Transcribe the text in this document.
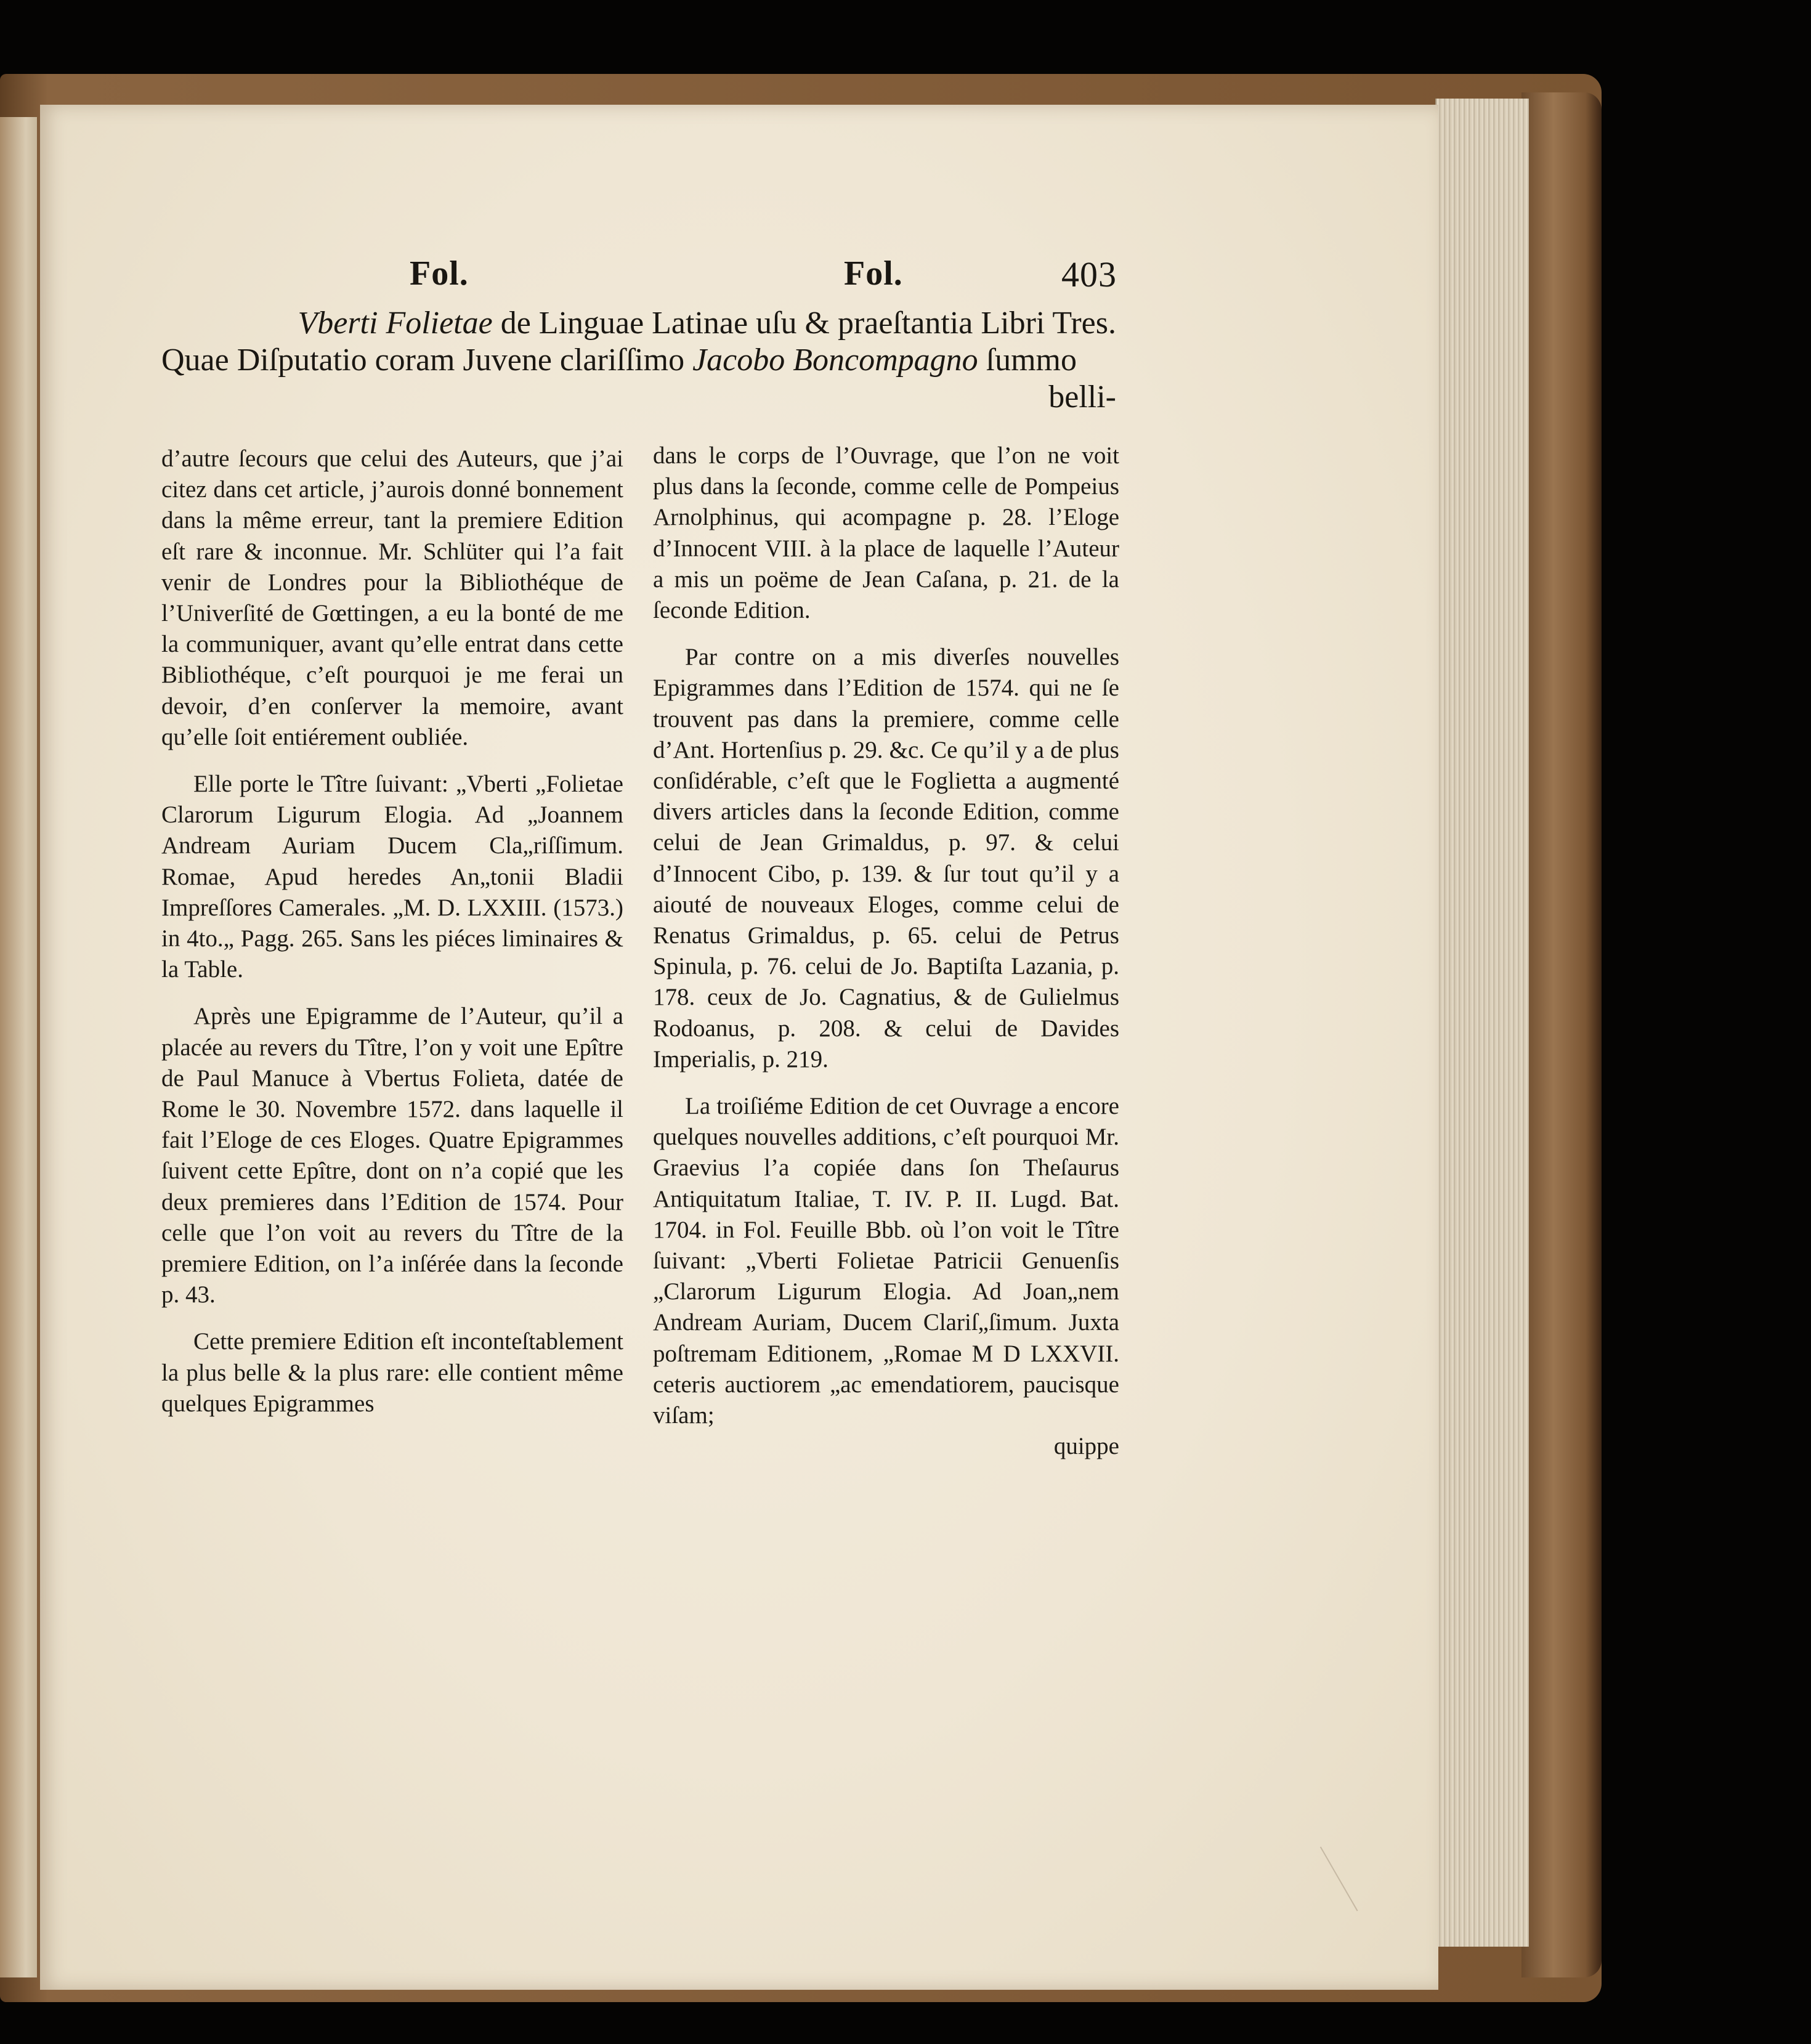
Fol.	Fol.	403
Vberti Folietae de Linguae Latinae uſu & praeſtantia Libri Tres.
Quae Diſputatio coram Juvene clariſſimo Jacobo Boncompagno ſummo
belli-

d’autre ſecours que celui des Auteurs, que j’ai citez dans cet article, j’aurois donné bonnement dans la même erreur, tant la premiere Edition eſt rare & inconnue. Mr. Schlüter qui l’a fait venir de Londres pour la Bibliothéque de l’Univerſité de Gœttingen, a eu la bonté de me la communiquer, avant qu’elle entrat dans cette Bibliothéque, c’eſt pourquoi je me ferai un devoir, d’en conſerver la memoire, avant qu’elle ſoit entiérement oubliée.

Elle porte le Tître ſuivant: „Vberti „Folietae Clarorum Ligurum Elogia. Ad „Joannem Andream Auriam Ducem Cla„riſſimum. Romae, Apud heredes An„tonii Bladii Impreſſores Camerales. „M. D. LXXIII. (1573.) in 4to.„ Pagg. 265. Sans les piéces liminaires & la Table.

Après une Epigramme de l’Auteur, qu’il a placée au revers du Tître, l’on y voit une Epître de Paul Manuce à Vbertus Folieta, datée de Rome le 30. Novembre 1572. dans laquelle il fait l’Eloge de ces Eloges. Quatre Epigrammes ſuivent cette Epître, dont on n’a copié que les deux premieres dans l’Edition de 1574. Pour celle que l’on voit au revers du Tître de la premiere Edition, on l’a inſérée dans la ſeconde p. 43.

Cette premiere Edition eſt inconteſtablement la plus belle & la plus rare: elle contient même quelques Epigrammes

dans le corps de l’Ouvrage, que l’on ne voit plus dans la ſeconde, comme celle de Pompeius Arnolphinus, qui acompagne p. 28. l’Eloge d’Innocent VIII. à la place de laquelle l’Auteur a mis un poëme de Jean Caſana, p. 21. de la ſeconde Edition.

Par contre on a mis diverſes nouvelles Epigrammes dans l’Edition de 1574. qui ne ſe trouvent pas dans la premiere, comme celle d’Ant. Hortenſius p. 29. &c. Ce qu’il y a de plus conſidérable, c’eſt que le Foglietta a augmenté divers articles dans la ſeconde Edition, comme celui de Jean Grimaldus, p. 97. & celui d’Innocent Cibo, p. 139. & ſur tout qu’il y a aiouté de nouveaux Eloges, comme celui de Renatus Grimaldus, p. 65. celui de Petrus Spinula, p. 76. celui de Jo. Baptiſta Lazania, p. 178. ceux de Jo. Cagnatius, & de Gulielmus Rodoanus, p. 208. & celui de Davides Imperialis, p. 219.

La troiſiéme Edition de cet Ouvrage a encore quelques nouvelles additions, c’eſt pourquoi Mr. Graevius l’a copiée dans ſon Theſaurus Antiquitatum Italiae, T. IV. P. II. Lugd. Bat. 1704. in Fol. Feuille Bbb. où l’on voit le Tître ſuivant: „Vberti Folietae Patricii Genuenſis „Clarorum Ligurum Elogia. Ad Joan„nem Andream Auriam, Ducem Clariſ„ſimum. Juxta poſtremam Editionem, „Romae M D LXXVII. ceteris auctiorem „ac emendatiorem, paucisque viſam;

quippe
